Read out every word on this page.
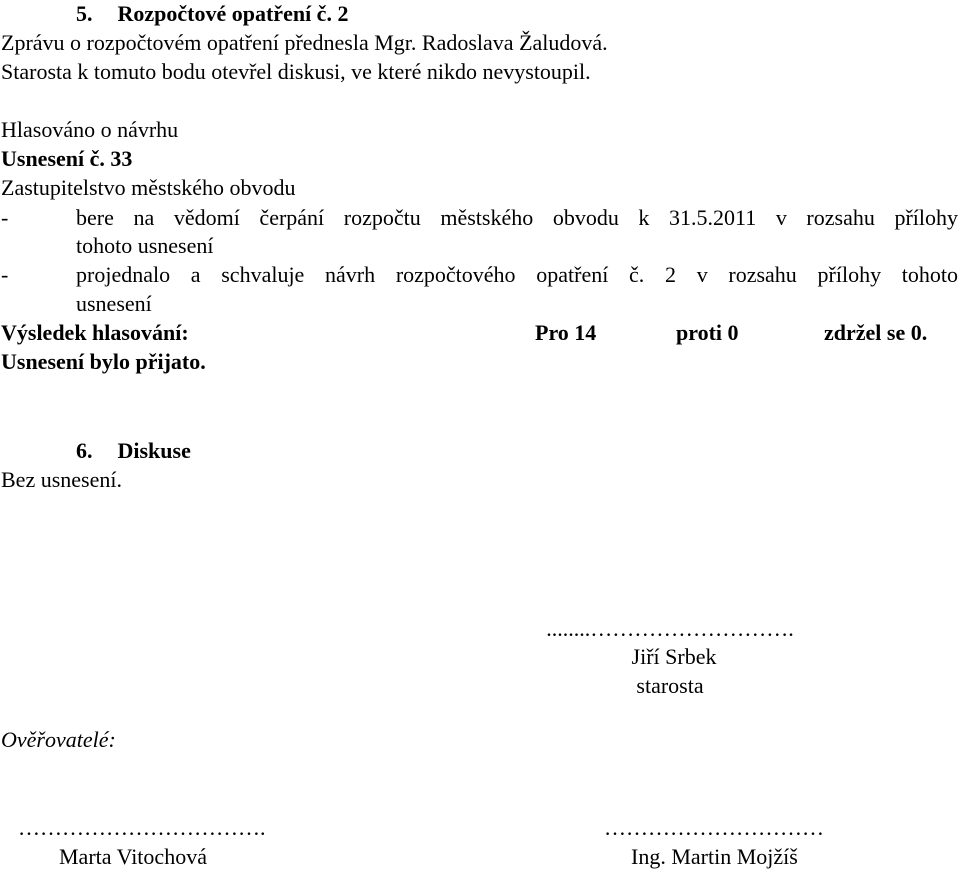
5. Rozpočtové opatření č. 2
Zprávu o rozpočtovém opatření přednesla Mgr. Radoslava Žaludová.
Starosta k tomuto bodu otevřel diskusi, ve které nikdo nevystoupil.
Hlasováno o návrhu
Usnesení č. 33
Zastupitelstvo městského obvodu
-	bere na vědomí čerpání rozpočtu městského obvodu k 31.5.2011 v rozsahu přílohy
tohoto usnesení
-	projednalo a schvaluje návrh rozpočtového opatření č. 2 v rozsahu přílohy tohoto
usnesení
Výsledek hlasování:	Pro 14	proti 0	zdržel se 0.
Usnesení bylo přijato.
6. Diskuse
Bez usnesení.
........……………………….
Jiří Srbek
starosta
Ověřovatelé:
…………………………….
Marta Vitochová
…………………………
Ing. Martin Mojžíš
